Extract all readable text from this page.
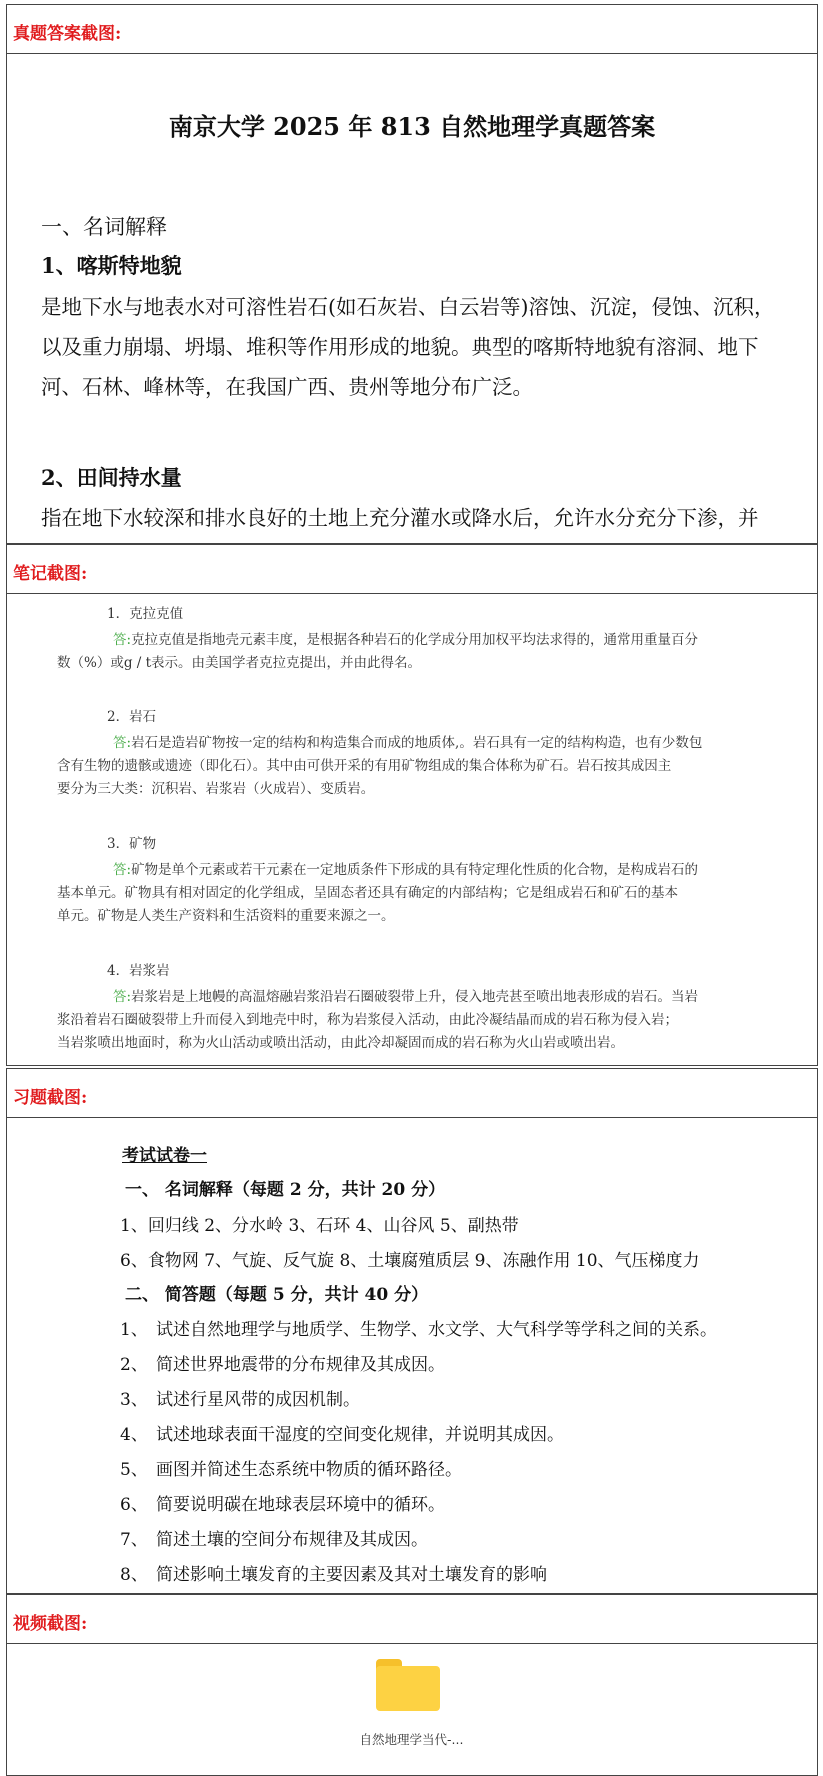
真题答案截图:
南京大学 2025 年 813 自然地理学真题答案
一、名词解释
1、喀斯特地貌
是地下水与地表水对可溶性岩石(如石灰岩、白云岩等)溶蚀、沉淀，侵蚀、沉积，
以及重力崩塌、坍塌、堆积等作用形成的地貌。典型的喀斯特地貌有溶洞、地下
河、石林、峰林等，在我国广西、贵州等地分布广泛。
2、田间持水量
指在地下水较深和排水良好的土地上充分灌水或降水后，允许水分充分下渗，并
笔记截图:
1．克拉克值
答:克拉克值是指地壳元素丰度，是根据各种岩石的化学成分用加权平均法求得的，通常用重量百分
数（%）或g / t表示。由美国学者克拉克提出，并由此得名。
2．岩石
答:岩石是造岩矿物按一定的结构和构造集合而成的地质体,。岩石具有一定的结构构造，也有少数包
含有生物的遗骸或遗迹（即化石）。其中由可供开采的有用矿物组成的集合体称为矿石。岩石按其成因主
要分为三大类：沉积岩、岩浆岩（火成岩）、变质岩。
3．矿物
答:矿物是单个元素或若干元素在一定地质条件下形成的具有特定理化性质的化合物，是构成岩石的
基本单元。矿物具有相对固定的化学组成，呈固态者还具有确定的内部结构；它是组成岩石和矿石的基本
单元。矿物是人类生产资料和生活资料的重要来源之一。
4．岩浆岩
答:岩浆岩是上地幔的高温熔融岩浆沿岩石圈破裂带上升，侵入地壳甚至喷出地表形成的岩石。当岩
浆沿着岩石圈破裂带上升而侵入到地壳中时，称为岩浆侵入活动，由此冷凝结晶而成的岩石称为侵入岩；
当岩浆喷出地面时，称为火山活动或喷出活动，由此冷却凝固而成的岩石称为火山岩或喷出岩。
习题截图:
考试试卷一
一、 名词解释（每题 2 分，共计 20 分）
1、回归线 2、分水岭 3、石环 4、山谷风 5、副热带
6、食物网 7、气旋、反气旋 8、土壤腐殖质层 9、冻融作用 10、气压梯度力
二、 简答题（每题 5 分，共计 40 分）
1、 试述自然地理学与地质学、生物学、水文学、大气科学等学科之间的关系。
2、 简述世界地震带的分布规律及其成因。
3、 试述行星风带的成因机制。
4、 试述地球表面干湿度的空间变化规律，并说明其成因。
5、 画图并简述生态系统中物质的循环路径。
6、 简要说明碳在地球表层环境中的循环。
7、 简述土壤的空间分布规律及其成因。
8、 简述影响土壤发育的主要因素及其对土壤发育的影响
视频截图:
自然地理学当代-...
